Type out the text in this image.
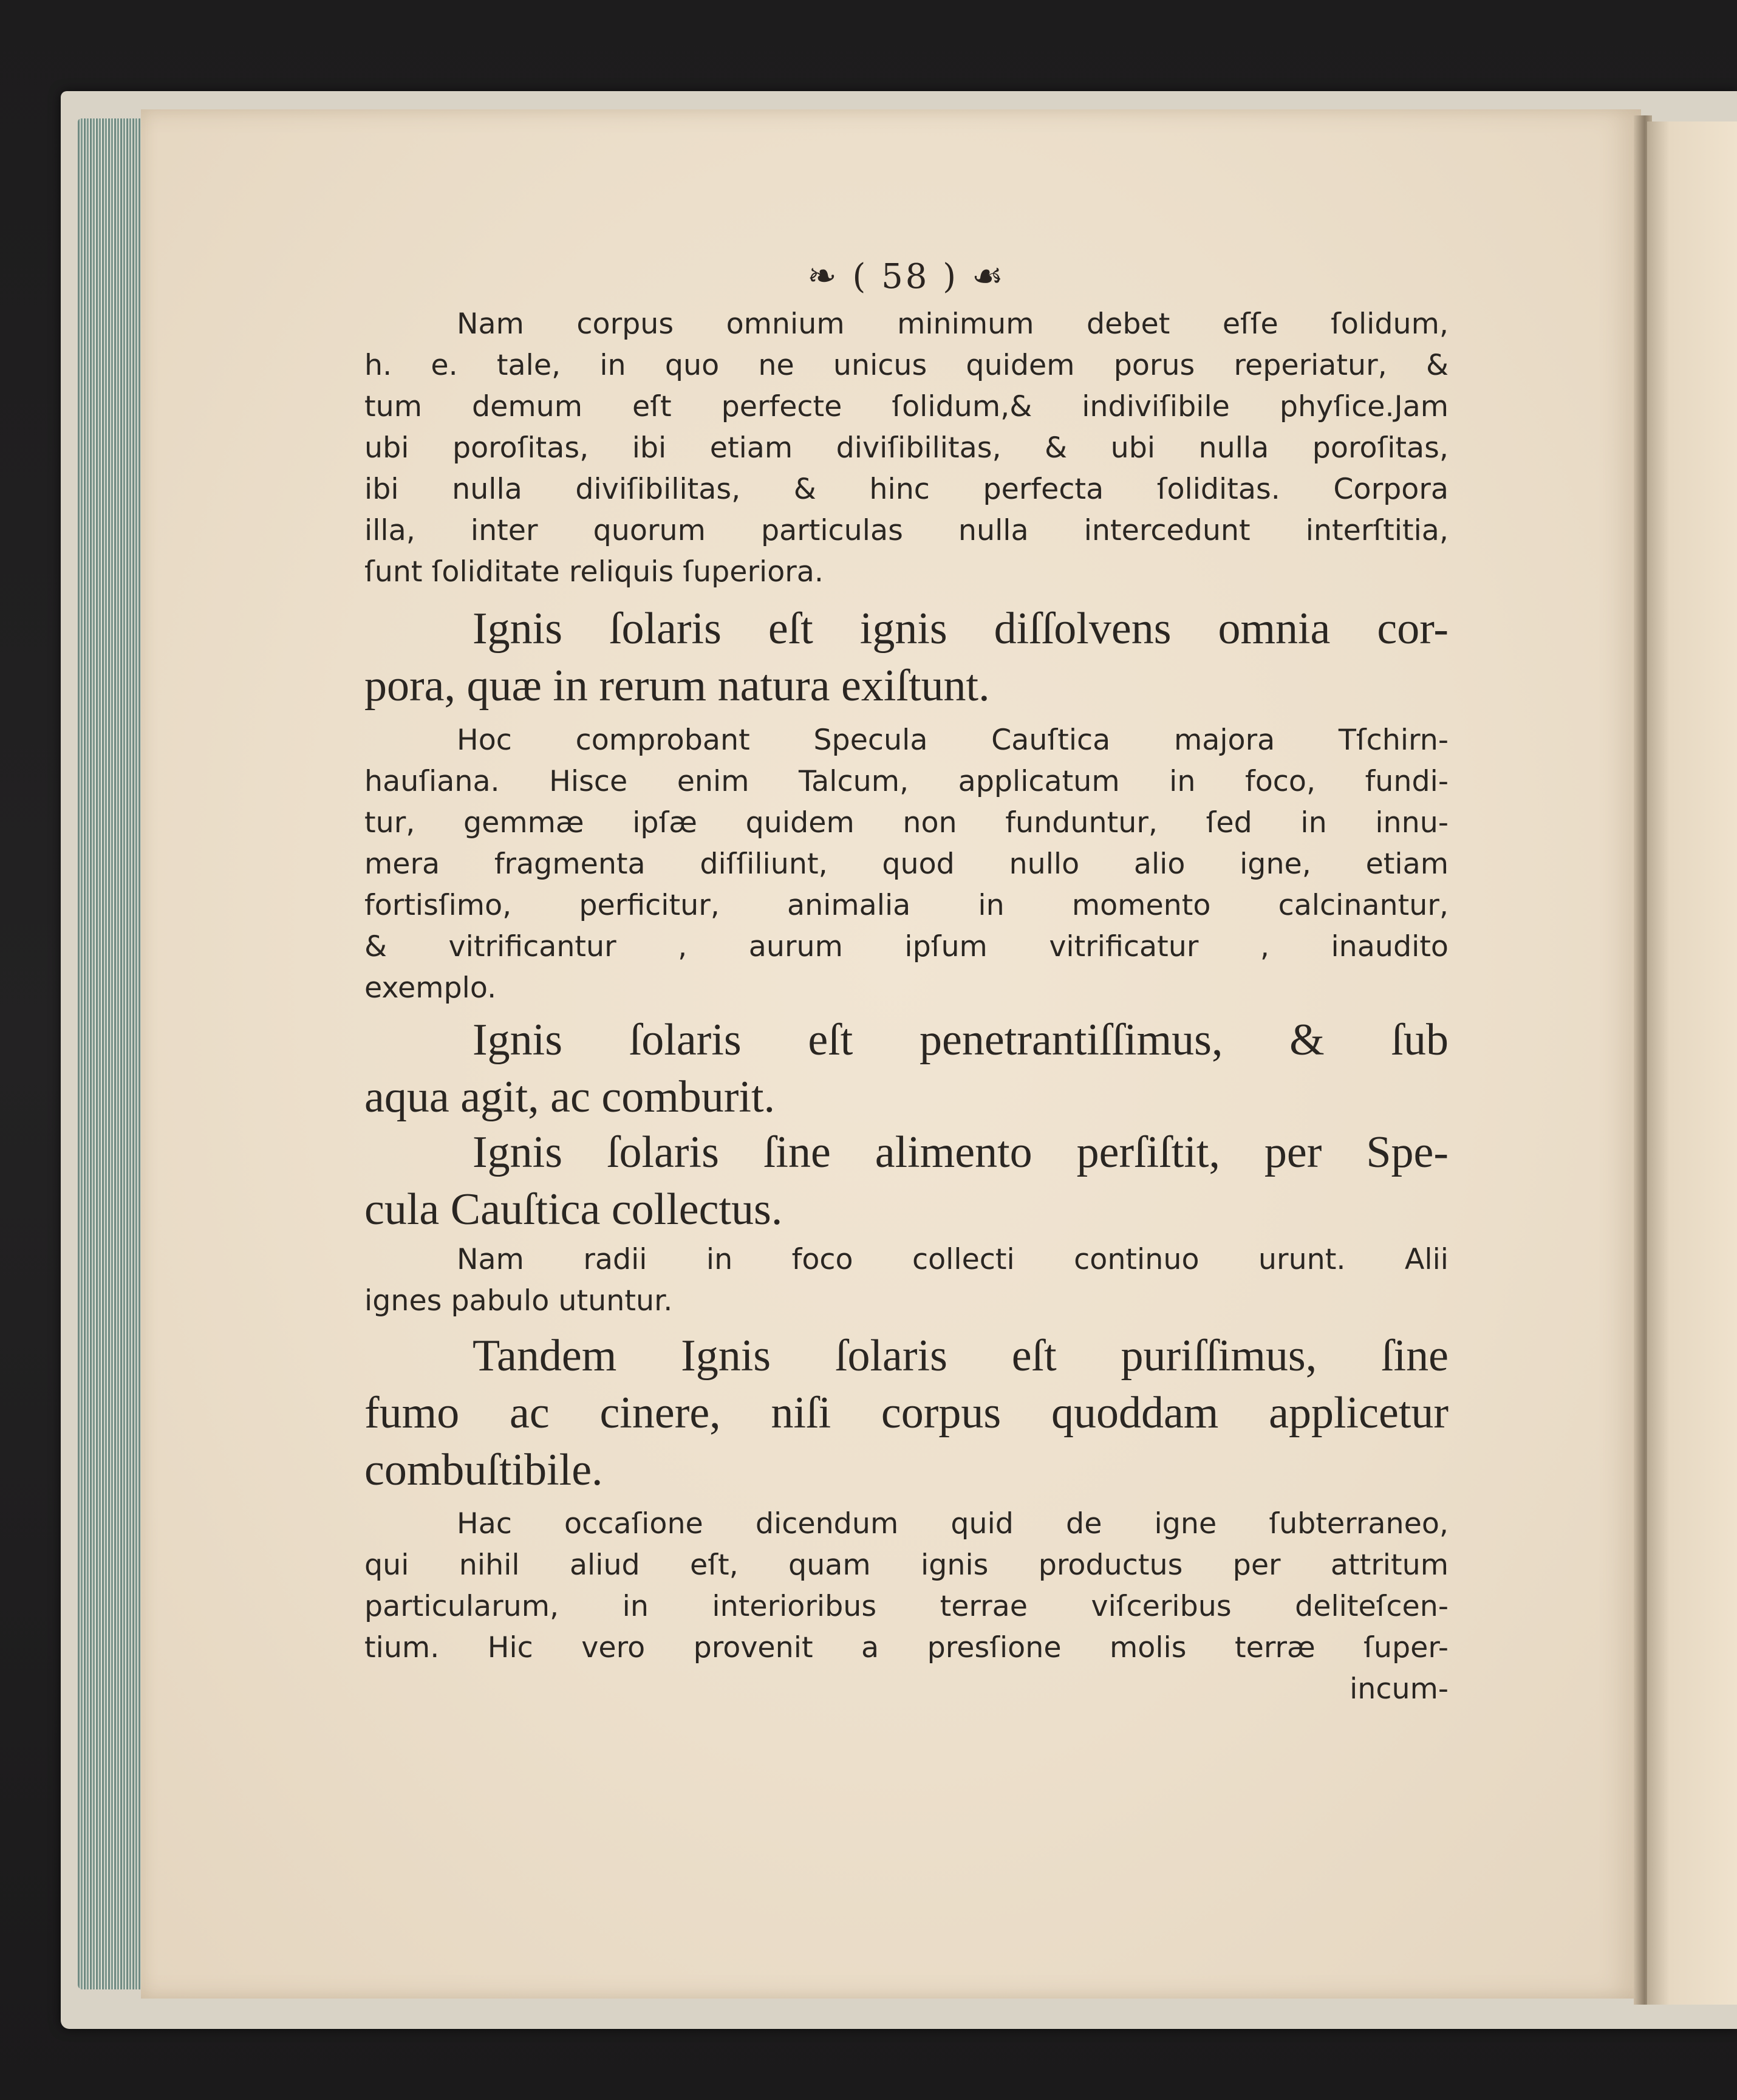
❧ ( 58 ) ☙

Nam corpus omnium minimum debet eſſe ſolidum,

h. e. tale, in quo ne unicus quidem porus reperiatur, &

tum demum eſt perfecte ſolidum,& indiviſibile phyſice.Jam

ubi poroſitas, ibi etiam diviſibilitas, & ubi nulla poroſitas,

ibi nulla diviſibilitas, & hinc perfecta ſoliditas. Corpora

illa, inter quorum particulas nulla intercedunt interſtitia,

ſunt ſoliditate reliquis ſuperiora.

Ignis ſolaris eſt ignis diſſolvens omnia cor-

pora, quæ in rerum natura exiſtunt.

Hoc comprobant Specula Cauſtica majora Tſchirn-

hauſiana. Hisce enim Talcum, applicatum in foco, fundi-

tur, gemmæ ipſæ quidem non funduntur, ſed in innu-

mera fragmenta diſſiliunt, quod nullo alio igne, etiam

fortisſimo, perficitur, animalia in momento calcinantur,

& vitrificantur , aurum ipſum vitrificatur , inaudito

exemplo.

Ignis ſolaris eſt penetrantiſſimus, & ſub

aqua agit, ac comburit.

Ignis ſolaris ſine alimento perſiſtit, per Spe-

cula Cauſtica collectus.

Nam radii in foco collecti continuo urunt. Alii

ignes pabulo utuntur.

Tandem Ignis ſolaris eſt puriſſimus, ſine

fumo ac cinere, niſi corpus quoddam applicetur

combuſtibile.

Hac occaſione dicendum quid de igne ſubterraneo,

qui nihil aliud eſt, quam ignis productus per attritum

particularum, in interioribus terrae viſceribus deliteſcen-

tium. Hic vero provenit a presſione molis terræ ſuper-

incum-
